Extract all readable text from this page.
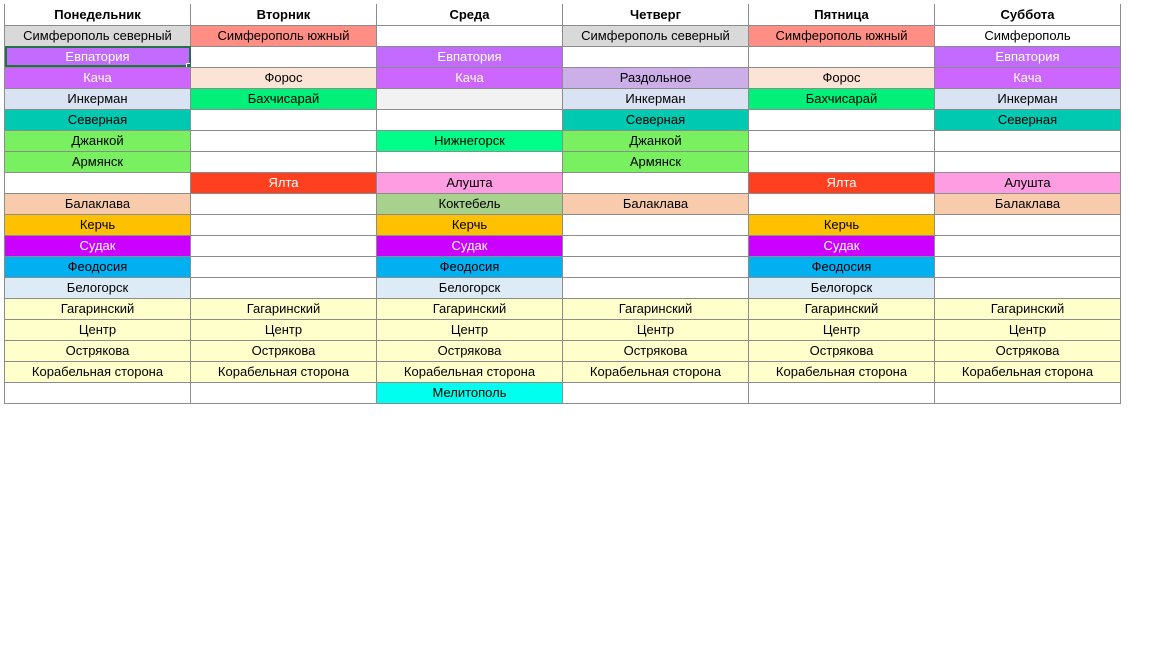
Понедельник	Вторник	Среда	Четверг	Пятница	Суббота
Симферополь северный	Симферополь южный		Симферополь северный	Симферополь южный	Симферополь
Евпатория		Евпатория			Евпатория
Кача	Форос	Кача	Раздольное	Форос	Кача
Инкерман	Бахчисарай		Инкерман	Бахчисарай	Инкерман
Северная			Северная		Северная
Джанкой		Нижнегорск	Джанкой		
Армянск			Армянск		
	Ялта	Алушта		Ялта	Алушта
Балаклава		Коктебель	Балаклава		Балаклава
Керчь		Керчь		Керчь	
Судак		Судак		Судак	
Феодосия		Феодосия		Феодосия	
Белогорск		Белогорск		Белогорск	
Гагаринский	Гагаринский	Гагаринский	Гагаринский	Гагаринский	Гагаринский
Центр	Центр	Центр	Центр	Центр	Центр
Острякова	Острякова	Острякова	Острякова	Острякова	Острякова
Корабельная сторона	Корабельная сторона	Корабельная сторона	Корабельная сторона	Корабельная сторона	Корабельная сторона
		Мелитополь			
